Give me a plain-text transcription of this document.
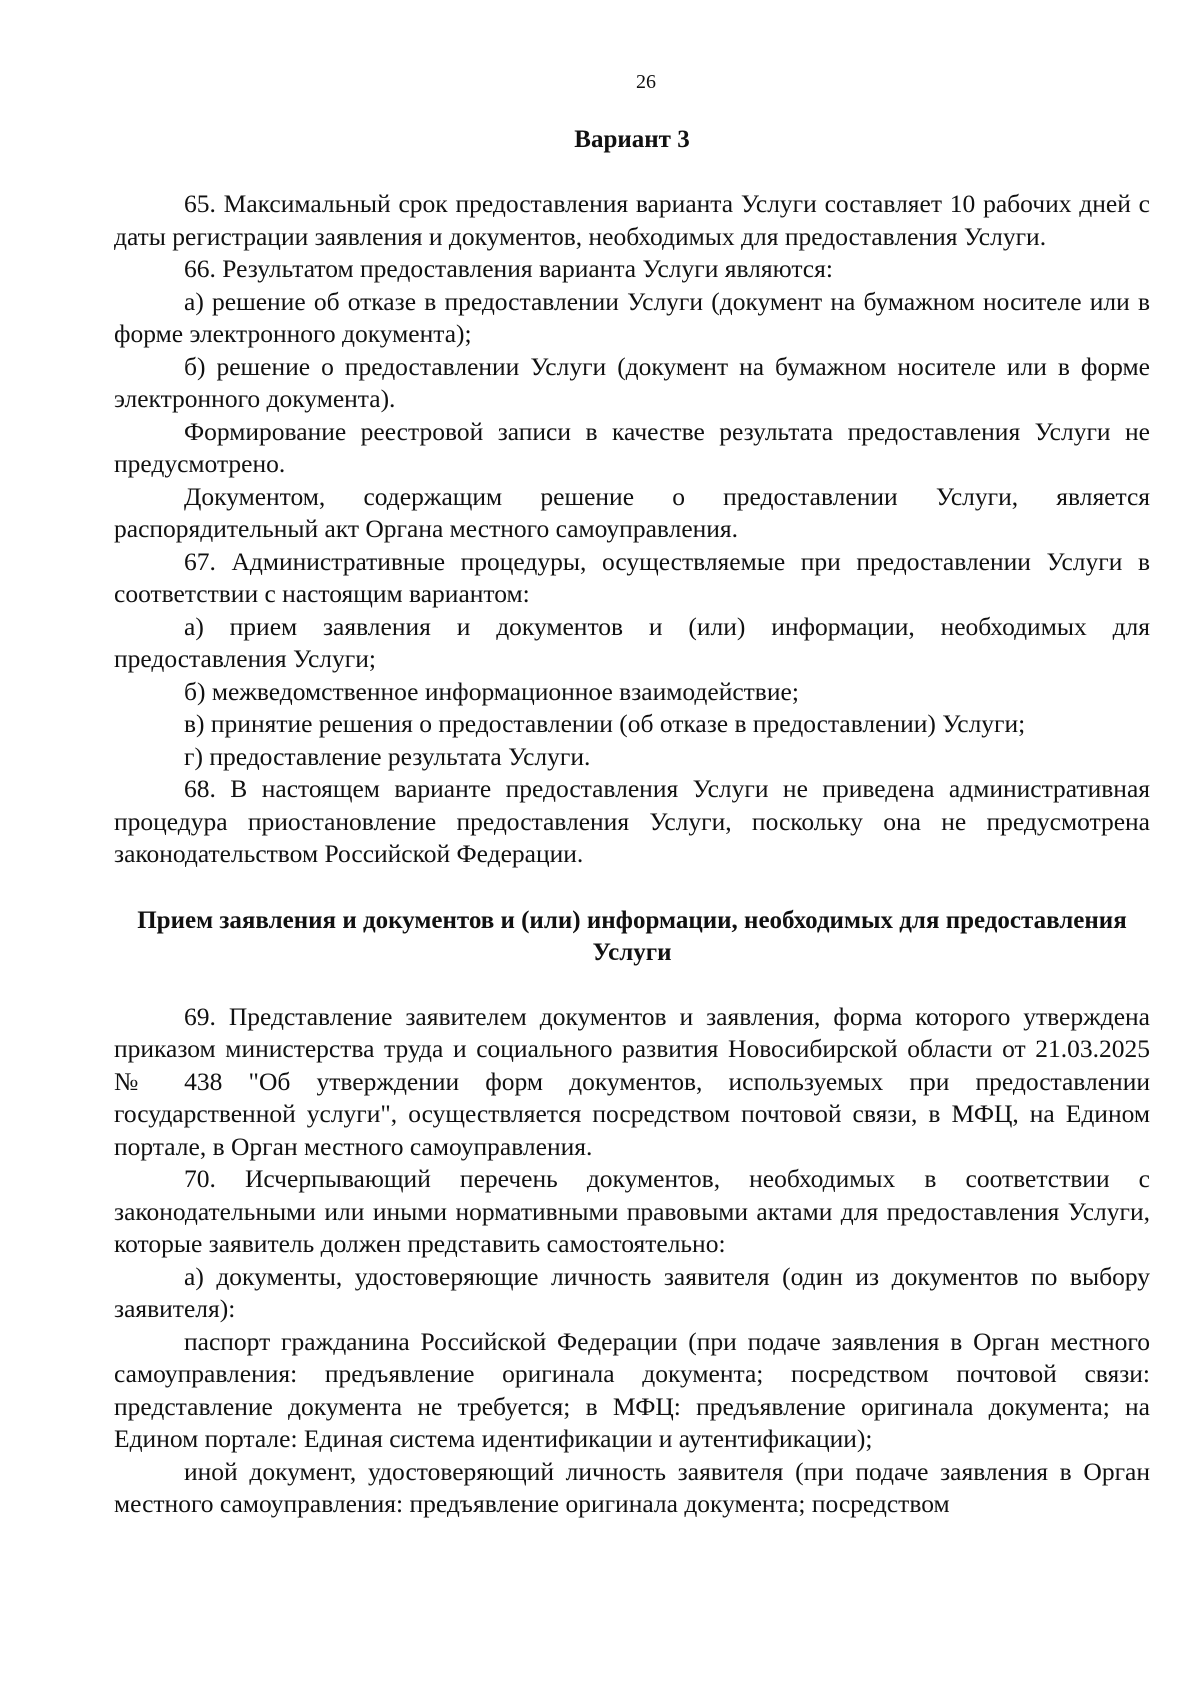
26
Вариант 3

65. Максимальный срок предоставления варианта Услуги составляет 10 рабочих дней с даты регистрации заявления и документов, необходимых для предоставления Услуги.

66. Результатом предоставления варианта Услуги являются:

а) решение об отказе в предоставлении Услуги (документ на бумажном носителе или в форме электронного документа);

б) решение о предоставлении Услуги (документ на бумажном носителе или в форме электронного документа).

Формирование реестровой записи в качестве результата предоставления Услуги не предусмотрено.

Документом, содержащим решение о предоставлении Услуги, является распорядительный акт Органа местного самоуправления.

67. Административные процедуры, осуществляемые при предоставлении Услуги в соответствии с настоящим вариантом:

а) прием заявления и документов и (или) информации, необходимых для предоставления Услуги;

б) межведомственное информационное взаимодействие;

в) принятие решения о предоставлении (об отказе в предоставлении) Услуги;

г) предоставление результата Услуги.

68. В настоящем варианте предоставления Услуги не приведена административная процедура приостановление предоставления Услуги, поскольку она не предусмотрена законодательством Российской Федерации.

Прием заявления и документов и (или) информации, необходимых для предоставления Услуги

69. Представление заявителем документов и заявления, форма которого утверждена приказом министерства труда и социального развития Новосибирской области от 21.03.2025 № 438 "Об утверждении форм документов, используемых при предоставлении государственной услуги", осуществляется посредством почтовой связи, в МФЦ, на Едином портале, в Орган местного самоуправления.

70. Исчерпывающий перечень документов, необходимых в соответствии с законодательными или иными нормативными правовыми актами для предоставления Услуги, которые заявитель должен представить самостоятельно:

а) документы, удостоверяющие личность заявителя (один из документов по выбору заявителя):

паспорт гражданина Российской Федерации (при подаче заявления в Орган местного самоуправления: предъявление оригинала документа; посредством почтовой связи: представление документа не требуется; в МФЦ: предъявление оригинала документа; на Едином портале: Единая система идентификации и аутентификации);

иной документ, удостоверяющий личность заявителя (при подаче заявления в Орган местного самоуправления: предъявление оригинала документа; посредством
